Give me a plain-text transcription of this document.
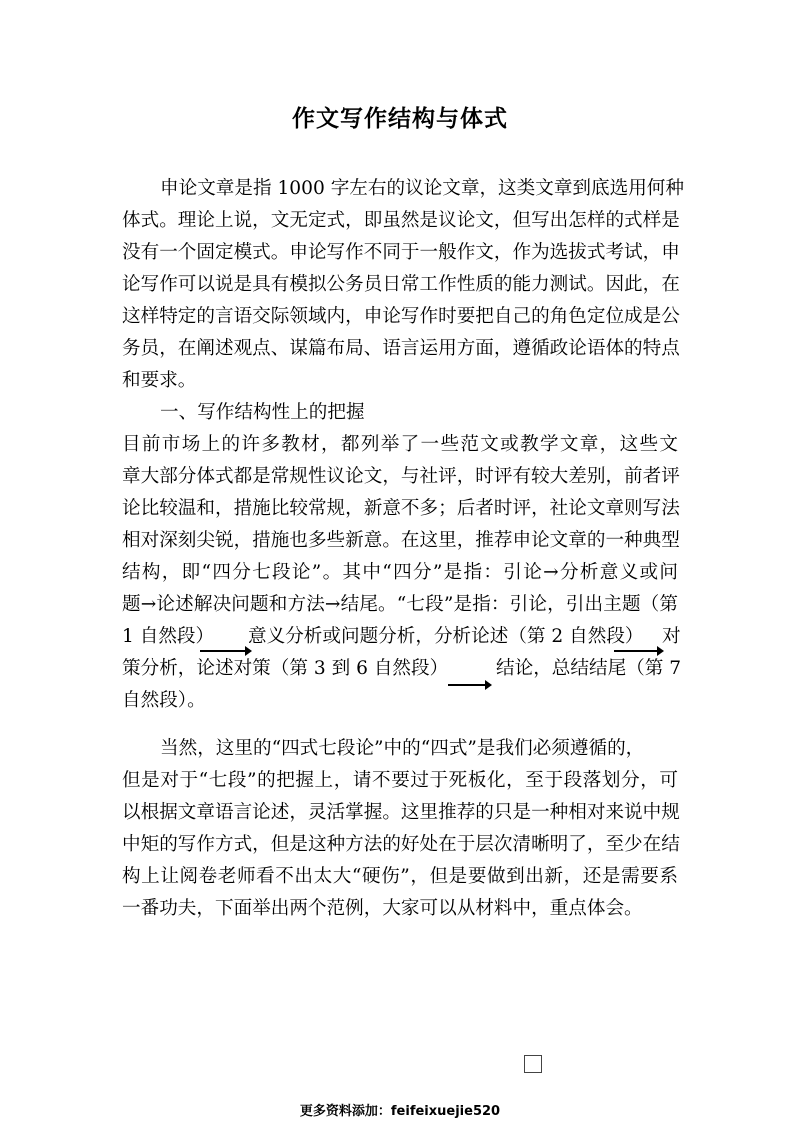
作文写作结构与体式
申论文章是指 1000 字左右的议论文章，这类文章到底选用何种
体式。理论上说，文无定式，即虽然是议论文，但写出怎样的式样是
没有一个固定模式。申论写作不同于一般作文，作为选拔式考试，申
论写作可以说是具有模拟公务员日常工作性质的能力测试。因此，在
这样特定的言语交际领域内，申论写作时要把自己的角色定位成是公
务员，在阐述观点、谋篇布局、语言运用方面，遵循政论语体的特点
和要求。
一、写作结构性上的把握
目前市场上的许多教材，都列举了一些范文或教学文章，这些文
章大部分体式都是常规性议论文，与社评，时评有较大差别，前者评
论比较温和，措施比较常规，新意不多；后者时评，社论文章则写法
相对深刻尖锐，措施也多些新意。在这里，推荐申论文章的一种典型
结构，即“四分七段论”。其中“四分”是指：引论→分析意义或问
题→论述解决问题和方法→结尾。“七段”是指：引论，引出主题（第
1 自然段） 意义分析或问题分析，分析论述（第 2 自然段） 对
策分析，论述对策（第 3 到 6 自然段）	结论，总结结尾（第 7
自然段）。
当然，这里的“四式七段论”中的“四式”是我们必须遵循的，
但是对于“七段”的把握上，请不要过于死板化，至于段落划分，可
以根据文章语言论述，灵活掌握。这里推荐的只是一种相对来说中规
中矩的写作方式，但是这种方法的好处在于层次清晰明了，至少在结
构上让阅卷老师看不出太大“硬伤”，但是要做到出新，还是需要系
一番功夫，下面举出两个范例，大家可以从材料中，重点体会。
更多资料添加：feifeixuejie520
